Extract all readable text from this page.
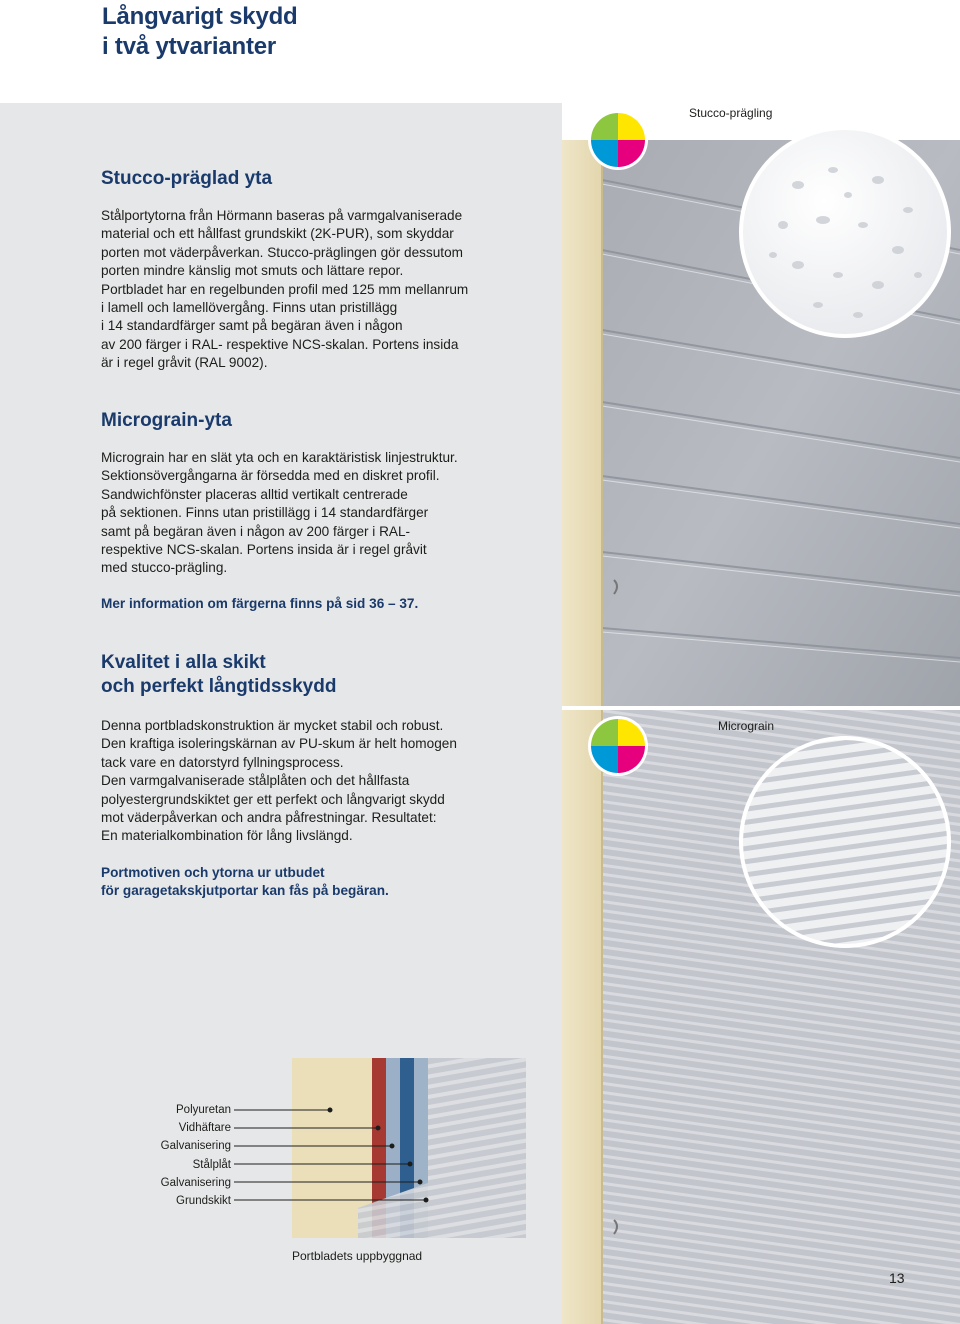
Långvarigt skydd
i två ytvarianter
Stucco-präglad yta

Stålportytorna från Hörmann baseras på varmgalvaniserade
material och ett hållfast grundskikt (2K-PUR), som skyddar
porten mot väderpåverkan. Stucco-präglingen gör dessutom
porten mindre känslig mot smuts och lättare repor.
Portbladet har en regelbunden profil med 125 mm mellanrum
i lamell och lamellövergång. Finns utan pristillägg
i 14 standardfärger samt på begäran även i någon
av 200 färger i RAL- respektive NCS-skalan. Portens insida
är i regel gråvit (RAL 9002).

Micrograin-yta

Micrograin har en slät yta och en karaktäristisk linjestruktur.
Sektionsövergångarna är försedda med en diskret profil.
Sandwichfönster placeras alltid vertikalt centrerade
på sektionen. Finns utan pristillägg i 14 standardfärger
samt på begäran även i någon av 200 färger i RAL-
respektive NCS-skalan. Portens insida är i regel gråvit
med stucco-prägling.

Mer information om färgerna finns på sid 36 – 37.
Kvalitet i alla skikt
och perfekt långtidsskydd

Denna portbladskonstruktion är mycket stabil och robust.
Den kraftiga isoleringskärnan av PU-skum är helt homogen
tack vare en datorstyrd fyllningsprocess.
Den varmgalvaniserade stålplåten och det hållfasta
polyestergrundskiktet ger ett perfekt och långvarigt skydd
mot väderpåverkan och andra påfrestningar. Resultatet:
En materialkombination för lång livslängd.

Portmotiven och ytorna ur utbudet
för garagetakskjutportar kan fås på begäran.
Stucco-prägling
Micrograin
Polyuretan
Vidhäftare
Galvanisering
Stålplåt
Galvanisering
Grundskikt
Portbladets uppbyggnad
13
